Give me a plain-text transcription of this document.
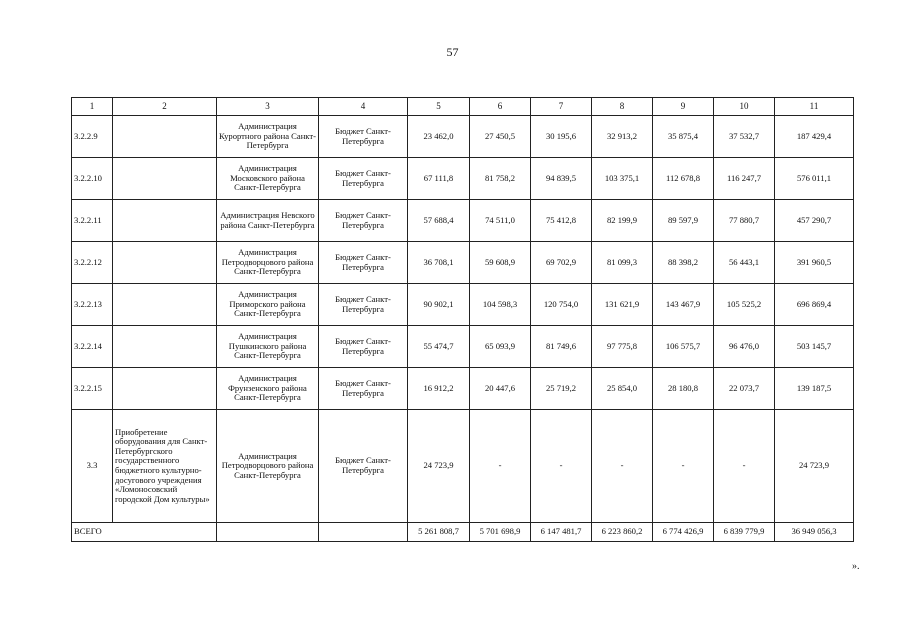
57
1	2	3	4	5	6	7	8	9	10	11
3.2.2.9		Администрация Курортного района Санкт-Петербурга	Бюджет Санкт-Петербурга	23 462,0	27 450,5	30 195,6	32 913,2	35 875,4	37 532,7	187 429,4
3.2.2.10		Администрация Московского района Санкт-Петербурга	Бюджет Санкт-Петербурга	67 111,8	81 758,2	94 839,5	103 375,1	112 678,8	116 247,7	576 011,1
3.2.2.11		Администрация Невского района Санкт-Петербурга	Бюджет Санкт-Петербурга	57 688,4	74 511,0	75 412,8	82 199,9	89 597,9	77 880,7	457 290,7
3.2.2.12		Администрация Петродворцового района Санкт-Петербурга	Бюджет Санкт-Петербурга	36 708,1	59 608,9	69 702,9	81 099,3	88 398,2	56 443,1	391 960,5
3.2.2.13		Администрация Приморского района Санкт-Петербурга	Бюджет Санкт-Петербурга	90 902,1	104 598,3	120 754,0	131 621,9	143 467,9	105 525,2	696 869,4
3.2.2.14		Администрация Пушкинского района Санкт-Петербурга	Бюджет Санкт-Петербурга	55 474,7	65 093,9	81 749,6	97 775,8	106 575,7	96 476,0	503 145,7
3.2.2.15		Администрация Фрунзенского района Санкт-Петербурга	Бюджет Санкт-Петербурга	16 912,2	20 447,6	25 719,2	25 854,0	28 180,8	22 073,7	139 187,5
3.3	Приобретение оборудования для Санкт-Петербургского государственного бюджетного культурно-досугового учреждения «Ломоносовский городской Дом культуры»	Администрация Петродворцового района Санкт-Петербурга	Бюджет Санкт-Петербурга	24 723,9	-	-	-	-	-	24 723,9
ВСЕГО				5 261 808,7	5 701 698,9	6 147 481,7	6 223 860,2	6 774 426,9	6 839 779,9	36 949 056,3
».
